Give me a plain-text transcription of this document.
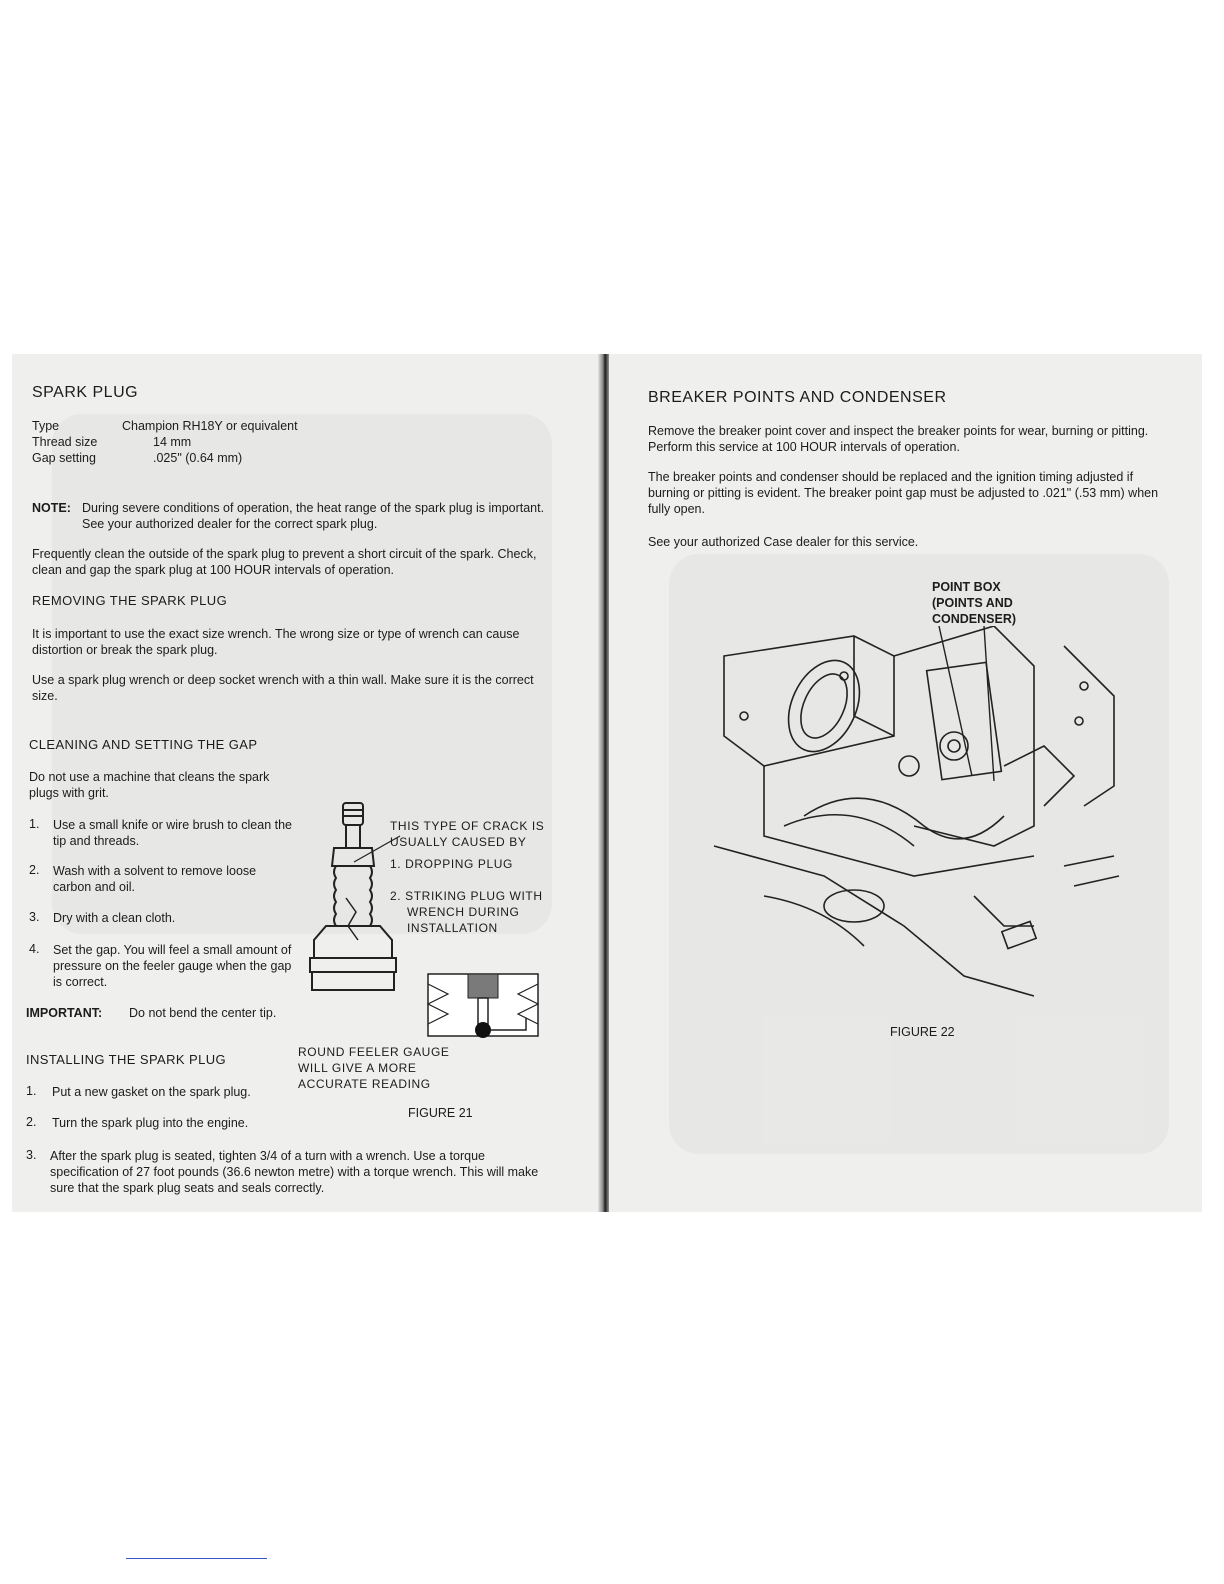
SPARK PLUG
Type	Champion RH18Y or equivalent
Thread size	14 mm
Gap setting	.025" (0.64 mm)
NOTE: During severe conditions of operation, the heat range of the spark plug is important. See your authorized dealer for the correct spark plug.
Frequently clean the outside of the spark plug to prevent a short circuit of the spark. Check, clean and gap the spark plug at 100 HOUR intervals of operation.
REMOVING THE SPARK PLUG
It is important to use the exact size wrench. The wrong size or type of wrench can cause distortion or break the spark plug.
Use a spark plug wrench or deep socket wrench with a thin wall. Make sure it is the correct size.
CLEANING AND SETTING THE GAP
Do not use a machine that cleans the spark plugs with grit.
1. Use a small knife or wire brush to clean the tip and threads.
2. Wash with a solvent to remove loose carbon and oil.
3. Dry with a clean cloth.
4. Set the gap. You will feel a small amount of pressure on the feeler gauge when the gap is correct.
IMPORTANT: Do not bend the center tip.
INSTALLING THE SPARK PLUG
1. Put a new gasket on the spark plug.
2. Turn the spark plug into the engine.
3. After the spark plug is seated, tighten 3/4 of a turn with a wrench. Use a torque specification of 27 foot pounds (36.6 newton metre) with a torque wrench. This will make sure that the spark plug seats and seals correctly.
THIS TYPE OF CRACK IS
USUALLY CAUSED BY
1. DROPPING PLUG
2. STRIKING PLUG WITH
WRENCH DURING
INSTALLATION
ROUND FEELER GAUGE
WILL GIVE A MORE
ACCURATE READING
FIGURE 21
BREAKER POINTS AND CONDENSER
Remove the breaker point cover and inspect the breaker points for wear, burning or pitting. Perform this service at 100 HOUR intervals of operation.
The breaker points and condenser should be replaced and the ignition timing adjusted if burning or pitting is evident. The breaker point gap must be adjusted to .021" (.53 mm) when fully open.
See your authorized Case dealer for this service.
POINT BOX
(POINTS AND
CONDENSER)
FIGURE 22
